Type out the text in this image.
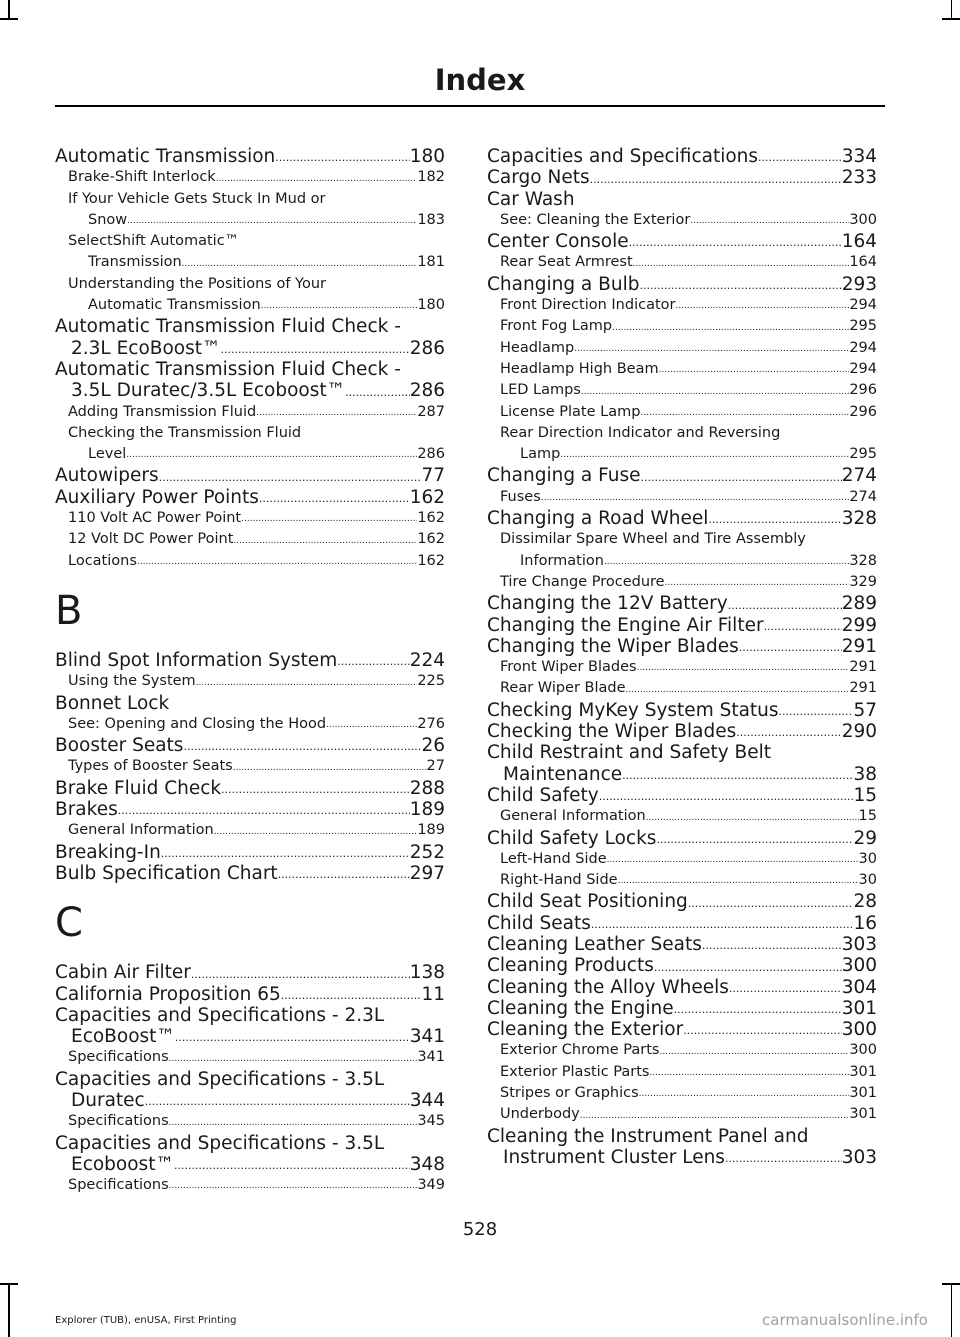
Index
Automatic Transmission .....	180
Brake-Shift Interlock .....	182
If Your Vehicle Gets Stuck In Mud or
Snow .....	183
SelectShift Automatic™
Transmission .....	181
Understanding the Positions of Your
Automatic Transmission .....	180
Automatic Transmission Fluid Check -
2.3L EcoBoost™ .....	286
Automatic Transmission Fluid Check -
3.5L Duratec/3.5L Ecoboost™ .....	286
Adding Transmission Fluid .....	287
Checking the Transmission Fluid
Level .....	286
Autowipers .....	77
Auxiliary Power Points .....	162
110 Volt AC Power Point .....	162
12 Volt DC Power Point .....	162
Locations .....	162
B
Blind Spot Information System .....	224
Using the System .....	225
Bonnet Lock
See: Opening and Closing the Hood .....	276
Booster Seats .....	26
Types of Booster Seats .....	27
Brake Fluid Check .....	288
Brakes .....	189
General Information .....	189
Breaking-In .....	252
Bulb Specification Chart .....	297
C
Cabin Air Filter .....	138
California Proposition 65 .....	11
Capacities and Specifications - 2.3L
EcoBoost™ .....	341
Specifications .....	341
Capacities and Specifications - 3.5L
Duratec .....	344
Specifications .....	345
Capacities and Specifications - 3.5L
Ecoboost™ .....	348
Specifications .....	349
Capacities and Specifications .....	334
Cargo Nets .....	233
Car Wash
See: Cleaning the Exterior .....	300
Center Console .....	164
Rear Seat Armrest .....	164
Changing a Bulb .....	293
Front Direction Indicator .....	294
Front Fog Lamp .....	295
Headlamp .....	294
Headlamp High Beam .....	294
LED Lamps .....	296
License Plate Lamp .....	296
Rear Direction Indicator and Reversing
Lamp .....	295
Changing a Fuse .....	274
Fuses .....	274
Changing a Road Wheel .....	328
Dissimilar Spare Wheel and Tire Assembly
Information .....	328
Tire Change Procedure .....	329
Changing the 12V Battery .....	289
Changing the Engine Air Filter .....	299
Changing the Wiper Blades .....	291
Front Wiper Blades .....	291
Rear Wiper Blade .....	291
Checking MyKey System Status .....	57
Checking the Wiper Blades .....	290
Child Restraint and Safety Belt
Maintenance .....	38
Child Safety .....	15
General Information .....	15
Child Safety Locks .....	29
Left-Hand Side .....	30
Right-Hand Side .....	30
Child Seat Positioning .....	28
Child Seats .....	16
Cleaning Leather Seats .....	303
Cleaning Products .....	300
Cleaning the Alloy Wheels .....	304
Cleaning the Engine .....	301
Cleaning the Exterior .....	300
Exterior Chrome Parts .....	300
Exterior Plastic Parts .....	301
Stripes or Graphics .....	301
Underbody .....	301
Cleaning the Instrument Panel and
Instrument Cluster Lens .....	303
528
Explorer (TUB), enUSA, First Printing	carmanualsonline.info
